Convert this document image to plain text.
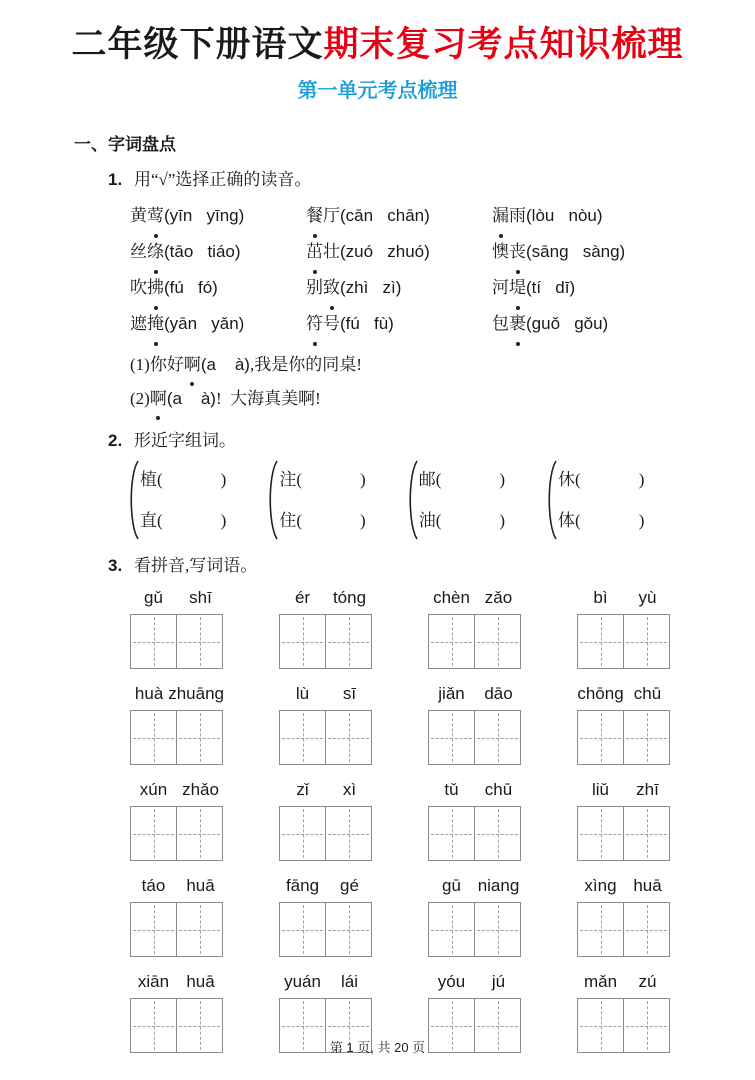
二年级下册语文期末复习考点知识梳理
第一单元考点梳理
一、字词盘点
1. 用“√”选择正确的读音。
黄莺(yīn   yīng)	餐厅(cān   chān)	漏雨(lòu   nòu)
丝绦(tāo   tiáo)	茁壮(zuó   zhuó)	懊丧(sāng   sàng)
吹拂(fú   fó)	别致(zhì   zì)	河堤(tí   dī)
遮掩(yān   yǎn)	符号(fú   fù)	包裹(guǒ   gǒu)
(1)你好啊(a    à),我是你的同桌!
(2)啊(a    à)!  大海真美啊!
2. 形近字组词。
植(	)
直(	)
注(	)
住(	)
邮(	)
油(	)
休(	)
体(	)
3. 看拼音,写词语。
gǔ	shī	ér	tóng	chèn zǎo	bì	yù
huà zhuāng	lù	sī	jiǎn	dāo	chōng chū
xún zhǎo	zǐ	xì	tǔ	chū	liǔ	zhī
táo	huā	fāng	gé	gū niang	xìng huā
xiān	huā	yuán	lái	yóu	jú	mǎn	zú
第 1 页, 共 20 页
